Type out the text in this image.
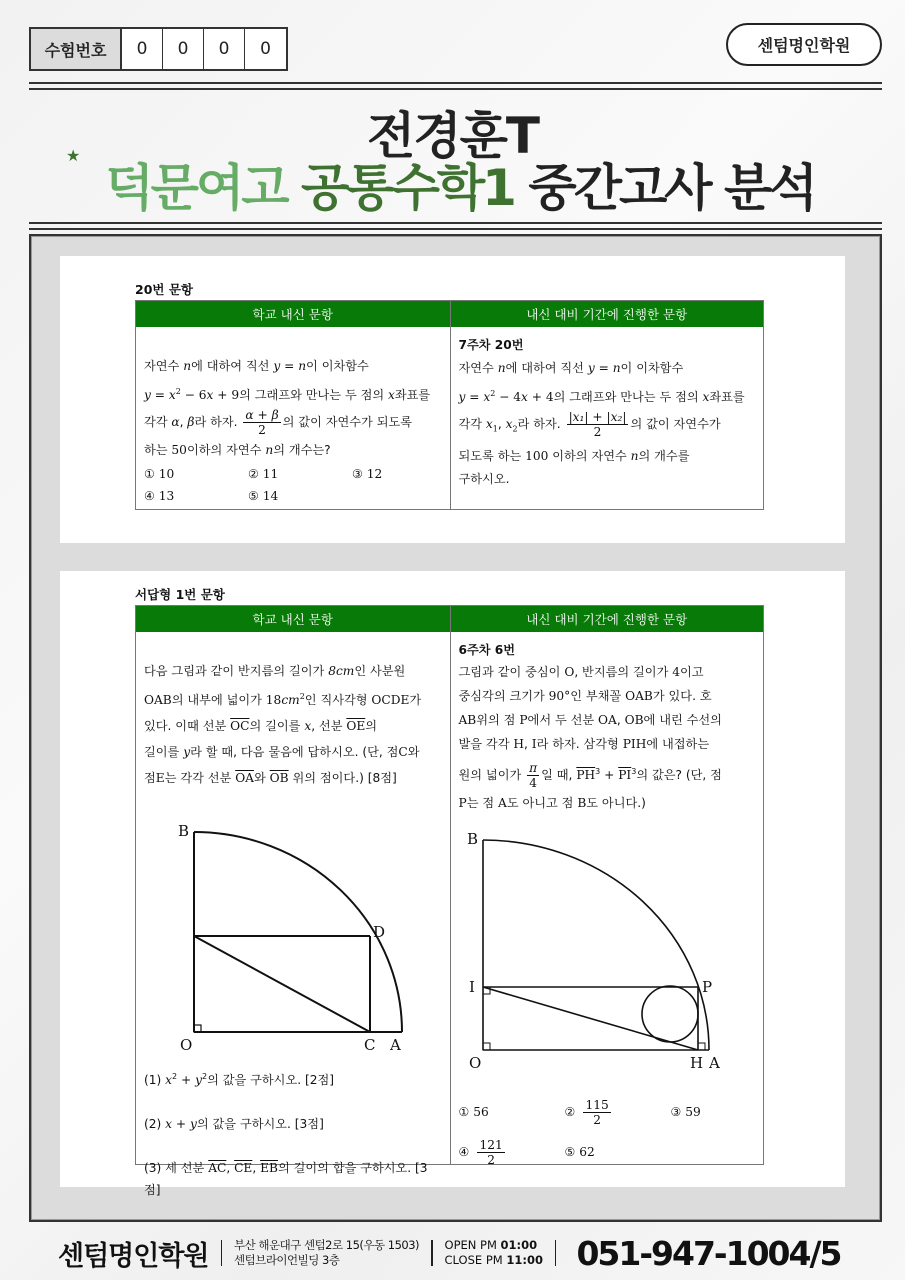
수험번호	0	0	0	0	센텀명인학원
전경훈T
★
덕문여고 공통수학1 중간고사 분석
20번 문항
학교 내신 문항
자연수 n에 대하여 직선 y = n이 이차함수
$y = x^2 - 6x + 9$의 그래프와 만나는 두 점의 x좌표를
각각 α, β라 하자. $\frac{\alpha + \beta}{2}$ 의 값이 자연수가 되도록
하는 50이하의 자연수 n의 개수는?
① 10	② 11	③ 12
④ 13	⑤ 14
내신 대비 기간에 진행한 문항
7주차 20번
자연수 n에 대하여 직선 y = n이 이차함수
$y = x^2 - 4x + 4$의 그래프와 만나는 두 점의 x좌표를
각각 $x_1$, $x_2$라 하자. $\frac{\text{|x₁| + |x₂|}}{2}$ 의 값이 자연수가
되도록 하는 100 이하의 자연수 n의 개수를
구하시오.
서답형 1번 문항
학교 내신 문항
다음 그림과 같이 반지름의 길이가 8cm인 사분원
OAB의 내부에 넓이가 $18cm^2$인 직사각형 OCDE가
있다. 이때 선분 $\overline{OC}$의 길이를 x, 선분 $\overline{OE}$의
길이를 y라 할 때, 다음 물음에 답하시오. (단, 점C와
점E는 각각 선분 $\overline{OA}$와 $\overline{OB}$ 위의 점이다.) [8점]
B
D
O	C A
(1) $x^2 + y^2$의 값을 구하시오. [2점]
(2) x + y의 값을 구하시오. [3점]
(3) 세 선분 $\overline{AC}$, $\overline{CE}$, $\overline{EB}$의 길이의 합을 구하시오. [3점]
내신 대비 기간에 진행한 문항
6주차 6번
그림과 같이 중심이 O, 반지름의 길이가 4이고
중심각의 크기가 90°인 부채꼴 OAB가 있다. 호
AB위의 점 P에서 두 선분 OA, OB에 내린 수선의
발을 각각 H, I라 하자. 삼각형 PIH에 내접하는
원의 넓이가 $\frac{\pi}{4}$ 일 때, $\overline{PH}^3 + \overline{PI}^3$의 값은? (단, 점
P는 점 A도 아니고 점 B도 아니다.)
B
I	P
O	H A
① 56	② $\frac{115}{2}$	③ 59
④ $\frac{121}{2}$	⑤ 62
센텀명인학원 부산 해운대구 센텀2로 15(우동 1503)
센텀브라이언빌딩 3층
OPEN PM 01:00
CLOSE PM 11:00 051-947-1004/5
